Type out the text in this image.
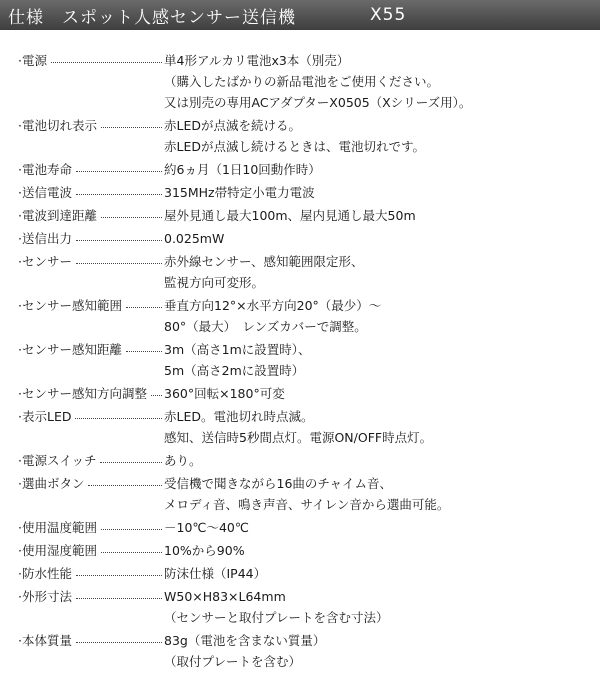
仕様 スポット人感センサー送信機	X55
·電源	単4形アルカリ電池x3本（別売）
（購入したばかりの新品電池をご使用ください。
又は別売の専用ACアダプターX0505（Xシリーズ用）。
·電池切れ表示	赤LEDが点滅を続ける。
赤LEDが点滅し続けるときは、電池切れです。
·電池寿命	約6ヵ月（1日10回動作時）
·送信電波	315MHz帯特定小電力電波
·電波到達距離	屋外見通し最大100m、屋内見通し最大50m
·送信出力	0.025mW
·センサー	赤外線センサー、感知範囲限定形、
監視方向可変形。
·センサー感知範囲	垂直方向12°×水平方向20°（最少）～
80°（最大）　レンズカバーで調整。
·センサー感知距離	3m（高さ1mに設置時）、
5m（高さ2mに設置時）
·センサー感知方向調整 360°回転×180°可変
·表示LED	赤LED。電池切れ時点滅。
感知、送信時5秒間点灯。電源ON/OFF時点灯。
·電源スイッチ	あり。
·選曲ボタン	受信機で聞きながら16曲のチャイム音、
メロディ音、鳴き声音、サイレン音から選曲可能。
·使用温度範囲	－10℃～40℃
·使用湿度範囲	10%から90%
·防水性能	防沫仕様（IP44）
·外形寸法	W50×H83×L64mm
（センサーと取付プレートを含む寸法）
·本体質量	83g（電池を含まない質量）
（取付プレートを含む）
